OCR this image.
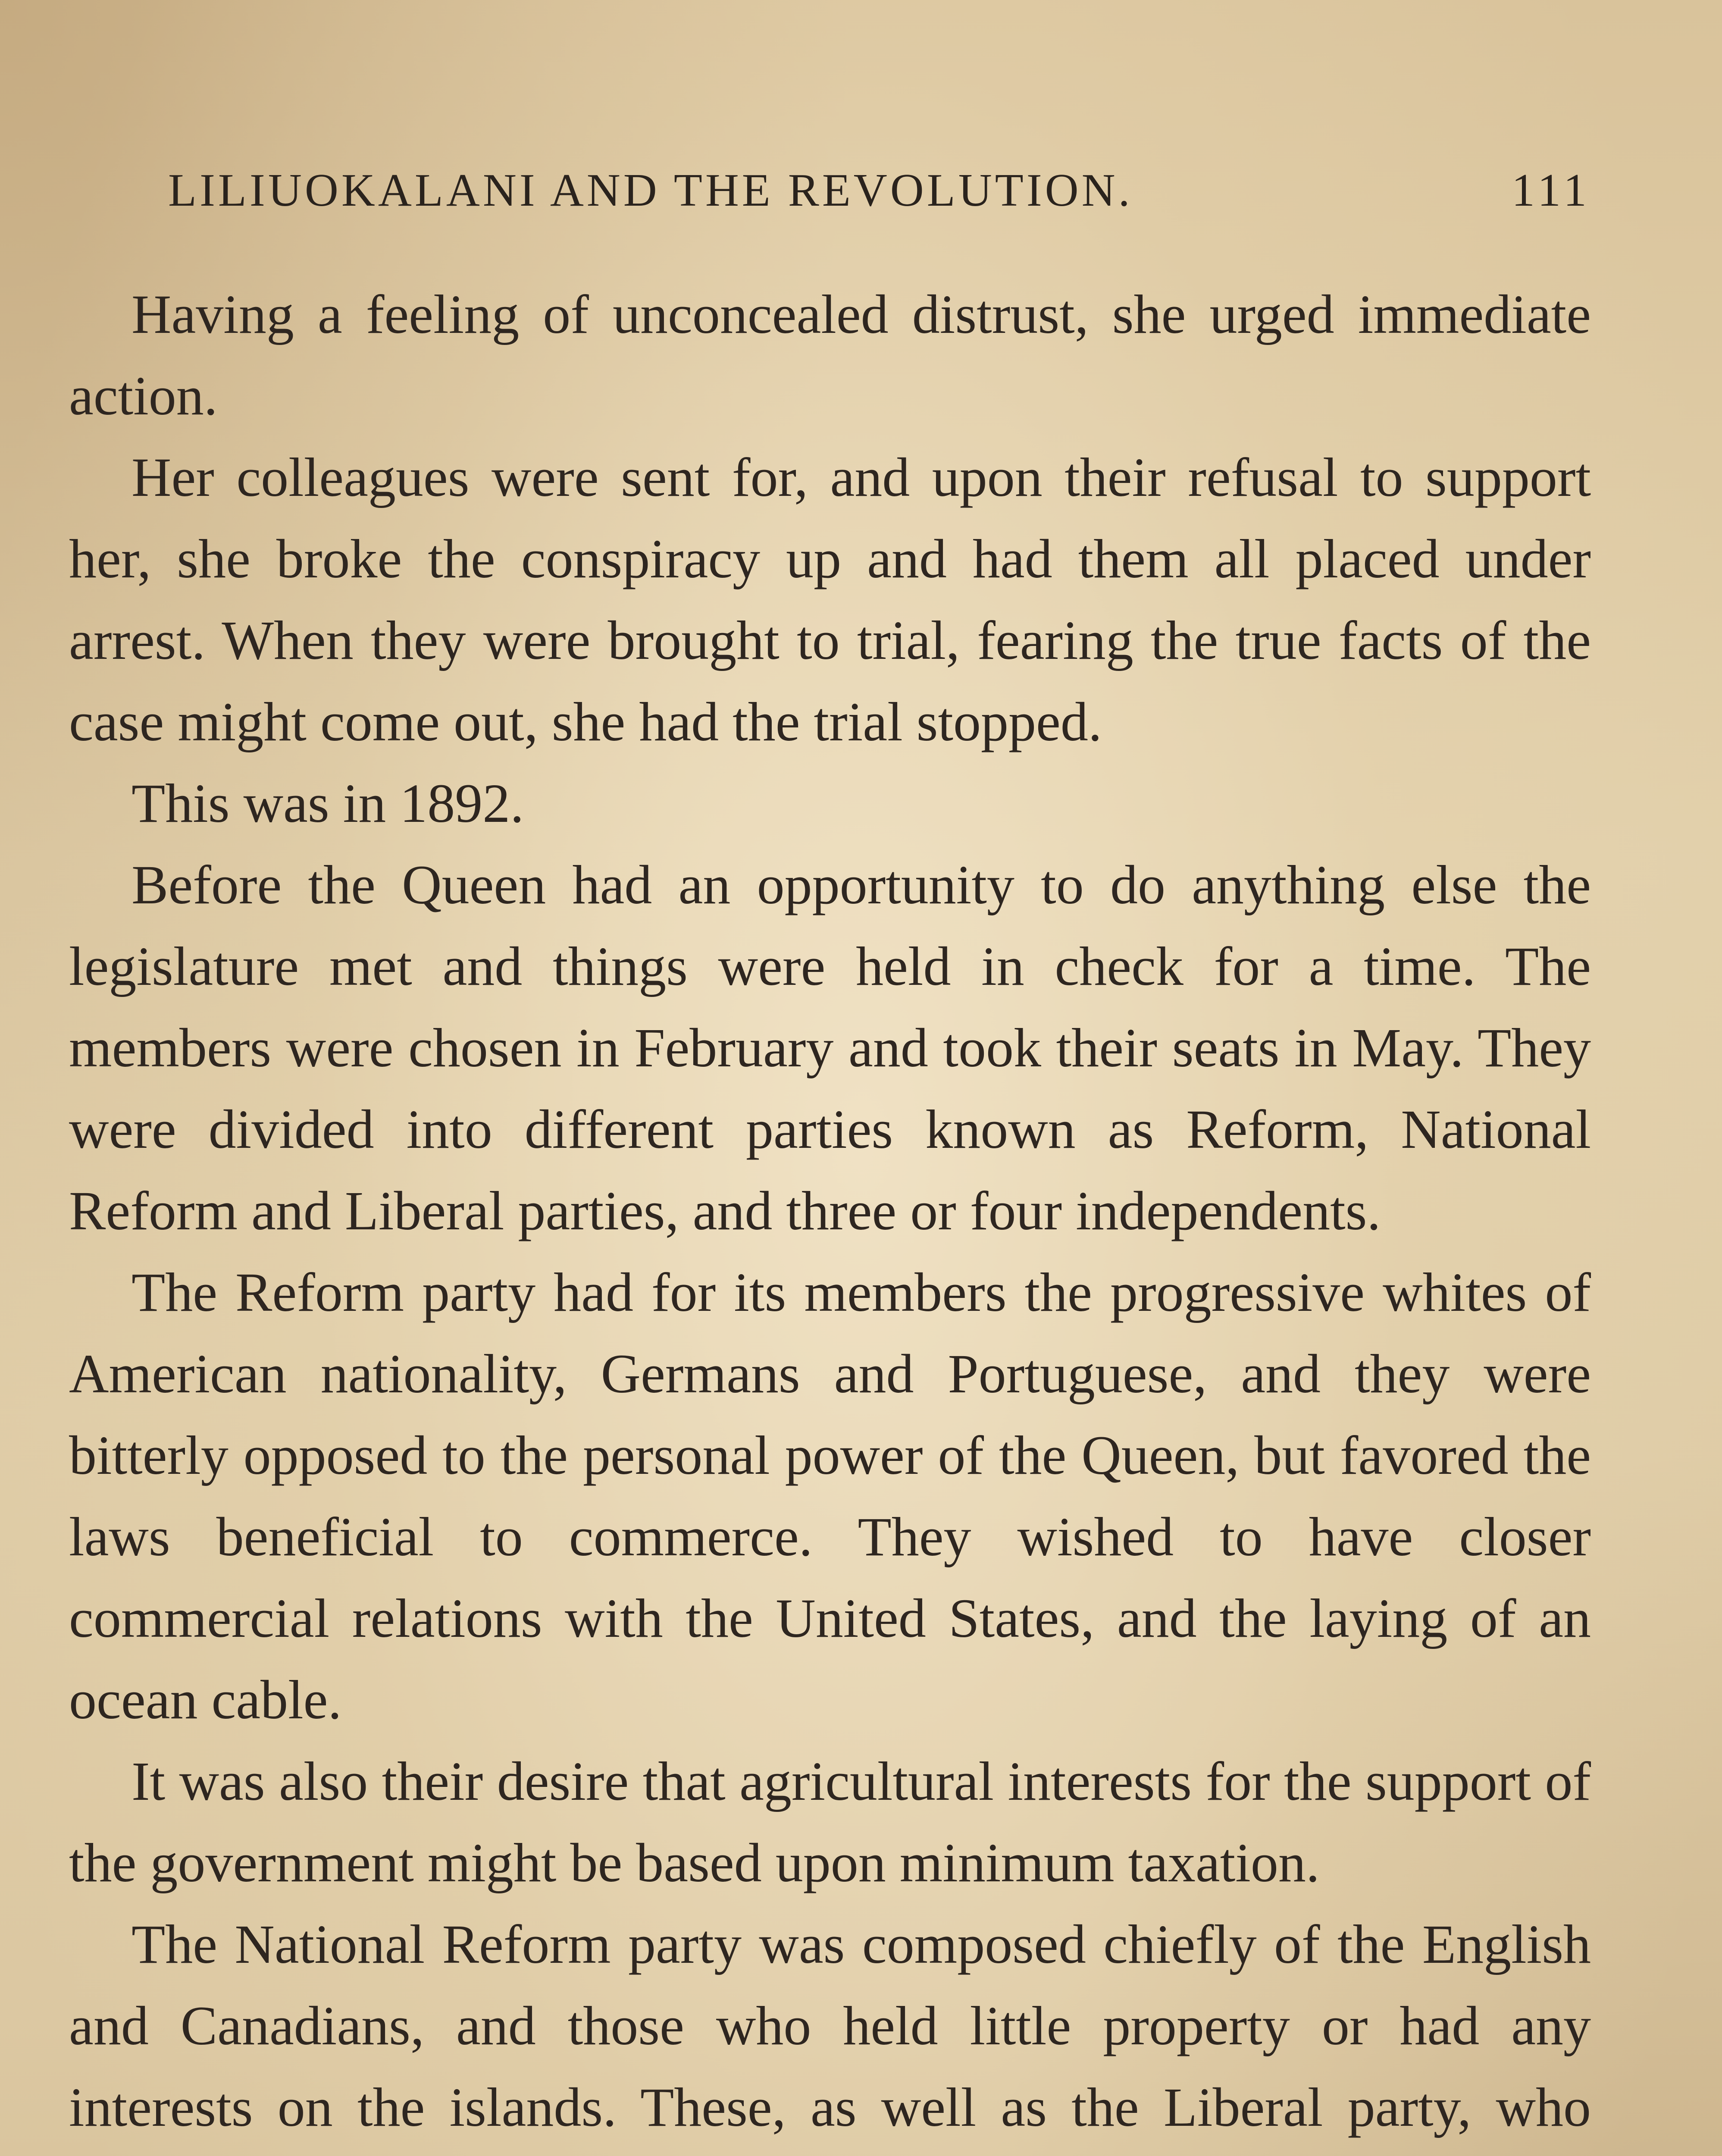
LILIUOKALANI AND THE REVOLUTION.	111

Having a feeling of unconcealed distrust, she urged immediate action.

Her colleagues were sent for, and upon their refusal to support her, she broke the conspiracy up and had them all placed under arrest. When they were brought to trial, fearing the true facts of the case might come out, she had the trial stopped.

This was in 1892.

Before the Queen had an opportunity to do anything else the legislature met and things were held in check for a time. The members were chosen in February and took their seats in May. They were divided into different parties known as Reform, National Reform and Liberal parties, and three or four independents.

The Reform party had for its members the progressive whites of American nationality, Germans and Portuguese, and they were bitterly opposed to the personal power of the Queen, but favored the laws beneficial to commerce. They wished to have closer commercial relations with the United States, and the laying of an ocean cable.

It was also their desire that agricultural interests for the support of the government might be based upon minimum taxation.

The National Reform party was composed chiefly of the English and Canadians, and those who held little property or had any interests on the islands. These, as well as the Liberal party, who
